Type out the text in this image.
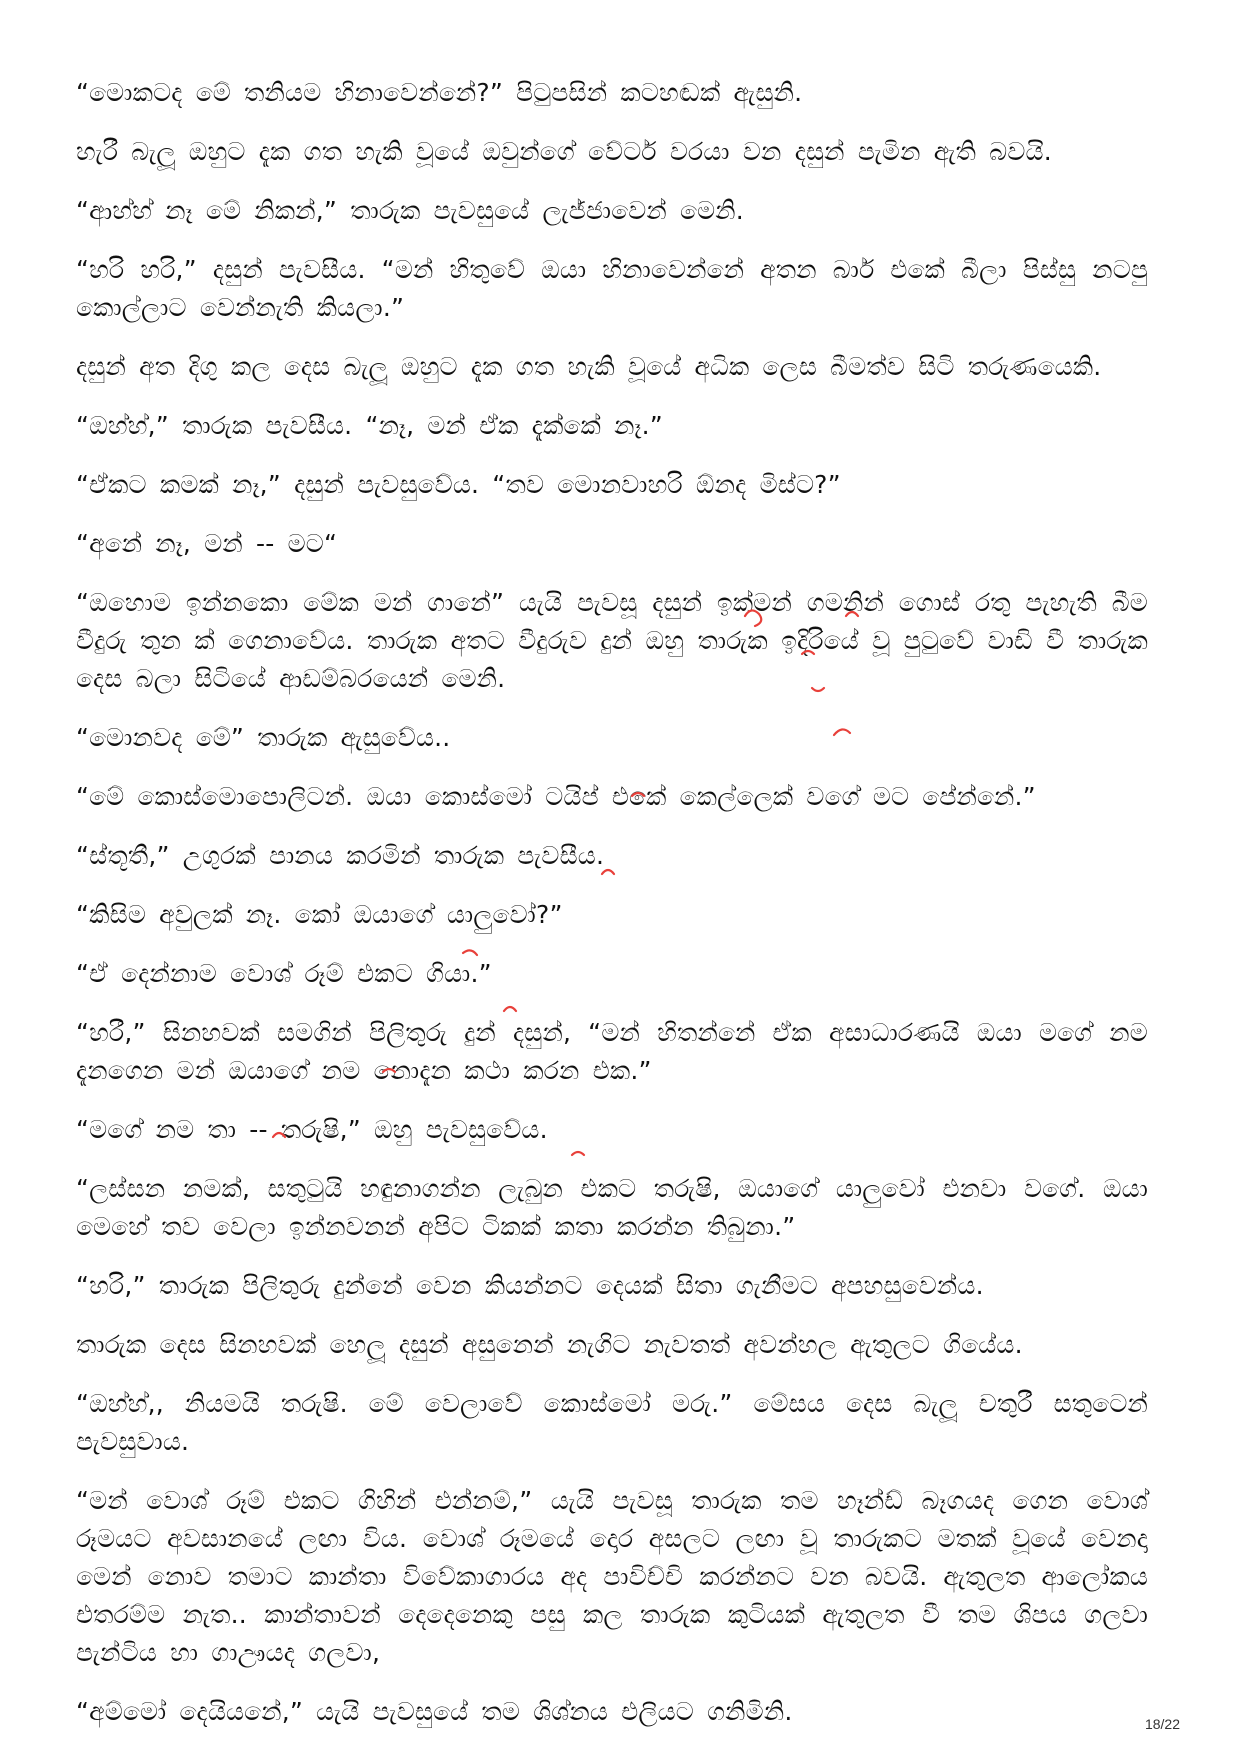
“මොකටද මේ තනියම හිනාවෙන්නේ?” පිටුපසින් කටහඬක් ඇසුනි.

හැරී බැලූ ඔහුට දැක ගත හැකි වූයේ ඔවුන්ගේ වේටර් වරයා වන දසුන් පැමින ඇති බවයි.

“ආහ්හ් නෑ මේ නිකන්,” තාරුක පැවසුයේ ලැජ්ජාවෙන් මෙනි.

“හරි හරි,” දසුන් පැවසීය. “මන් හිතුවේ ඔයා හිනාවෙන්නේ අතන බාර් එකේ බීලා පිස්සු නටපු කොල්ලාට වෙන්නැති කියලා.”

දසුන් අත දිගු කල දෙස බැලූ ඔහුට දැක ගත හැකි වූයේ අධික ලෙස බීමත්ව සිටි තරුණයෙකි.

“ඔහ්හ්,” තාරුක පැවසීය. “නෑ, මන් ඒක දැක්කේ නෑ.”

“ඒකට කමක් නෑ,” දසුන් පැවසුවේය. “තව මොනවාහරි ඕනද මිස්ට?”

“අනේ නෑ, මන් -- මට“

“ඔහොම ඉන්නකො මේක මන් ගානේ” යැයි පැවසූ දසුන් ඉක්මන් ගමනින් ගොස් රතු පැහැති බීම වීදුරු තුන ක් ගෙනාවේය. තාරුක අතට වීදුරුව දුන් ඔහු තාරුක ඉදිරියේ වූ පුටුවේ වාඩි වී තාරුක දෙස බලා සිටියේ ආඩම්බරයෙන් මෙනි.

“මොනවද මේ” තාරුක ඇසුවේය..

“මේ කොස්මොපොලිටන්. ඔයා කොස්මෝ ටයිප් එකේ කෙල්ලෙක් වගේ මට පේන්නේ.”

“ස්තූතී,” උගුරක් පානය කරමින් තාරුක පැවසීය.

“කිසිම අවුලක් නෑ. කෝ ඔයාගේ යාලුවෝ?”

“ඒ දෙන්නාම වොශ් රූම් එකට ගියා.”

“හරී,” සිනහවක් සමගින් පිලිතුරු දුන් දසුන්, “මන් හිතන්නේ ඒක අසාධාරණයි ඔයා මගේ නම දැනගෙන මන් ඔයාගේ නම නොදැන කථා කරන එක.”

“මගේ නම තා -- තරුෂි,” ඔහු පැවසුවේය.

“ලස්සන නමක්, සතුටුයි හඳුනාගන්න ලැබුන එකට තරුෂි, ඔයාගේ යාලුවෝ එනවා වගේ. ඔයා මෙහේ තව වෙලා ඉන්නවනන් අපිට ටිකක් කතා කරන්න තිබුනා.”

“හරි,” තාරුක පිලිතුරු දුන්නේ වෙන කියන්නට දෙයක් සිතා ගැනීමට අපහසුවෙන්ය.

තාරුක දෙස සිනහවක් හෙලූ දසුන් අසුනෙන් නැගිට නැවතත් අවන්හල ඇතුලට ගියේය.

“ඔහ්හ්,, නියමයි තරුෂි. මේ වෙලාවේ කොස්මෝ මරු.” මේසය දෙස බැලූ චතුරී සතුටෙන් පැවසුවාය.

“මන් වොශ් රූම් එකට ගිහින් එන්නම්,” යැයි පැවසූ තාරුක තම හෑන්ඩ් බෑගයද ගෙන වොශ් රූමයට අවසානයේ ලඟා විය. වොශ් රූමයේ දොර අසලට ලඟා වූ තාරුකට මතක් වූයේ වෙනදා මෙන් නොව තමාට කාන්තා විවේකාගාරය අද පාවිච්චි කරන්නට වන බවයි. ඇතුලත ආලෝකය එතරම්ම නැත.. කාන්තාවන් දෙදෙනෙකු පසු කල තාරුක කුටියක් ඇතුලත වී තම ශිපය ගලවා පැන්ටිය හා ගාඌයද ගලවා,

“අම්මෝ දෙයියනේ,” යැයි පැවසුයේ තම ශිශ්නය එලියට ගනිමිනි.	18/22
